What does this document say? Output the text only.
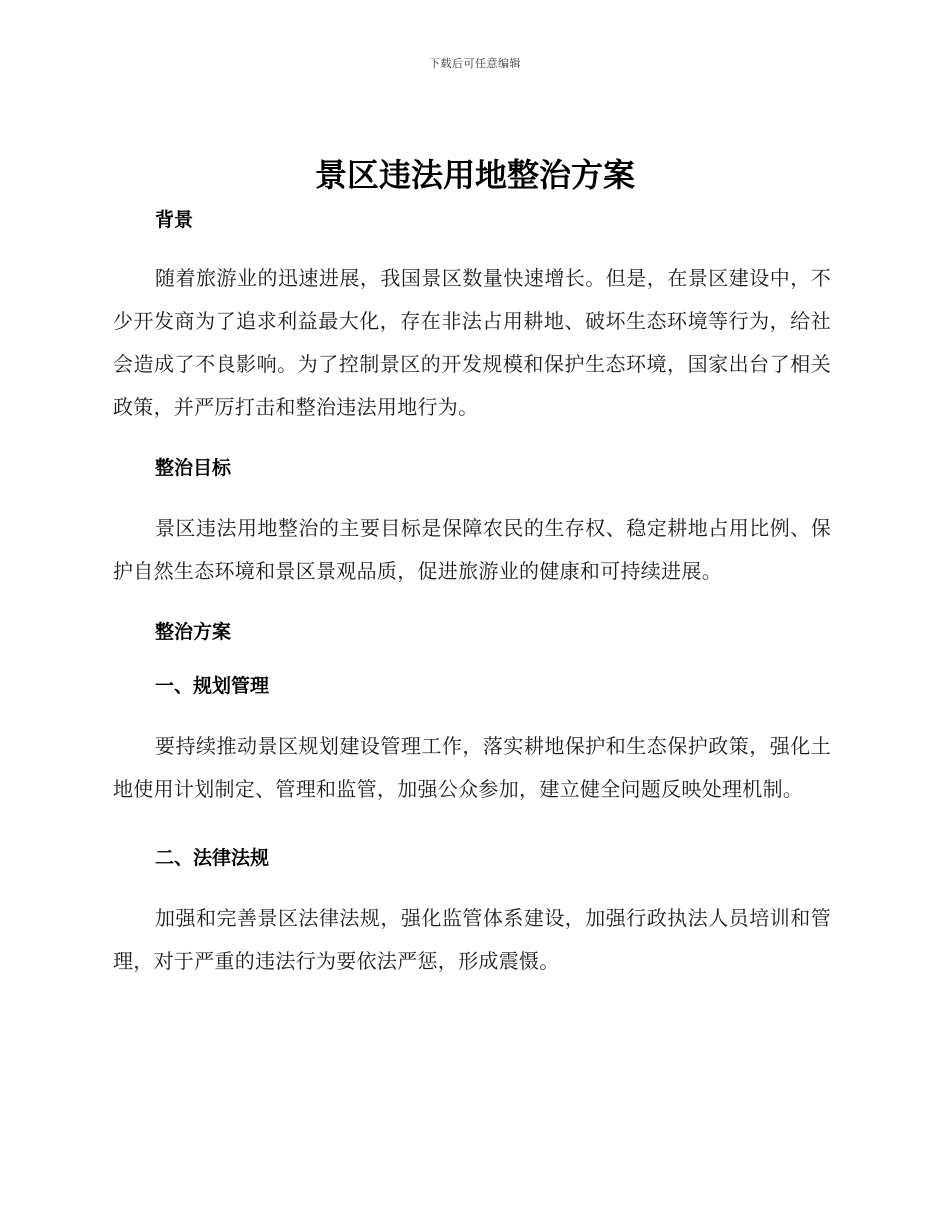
下载后可任意编辑
景区违法用地整治方案
背景

随着旅游业的迅速进展，我国景区数量快速增长。但是，在景区建设中，不少开发商为了追求利益最大化，存在非法占用耕地、破坏生态环境等行为，给社会造成了不良影响。为了控制景区的开发规模和保护生态环境，国家出台了相关政策，并严厉打击和整治违法用地行为。

整治目标

景区违法用地整治的主要目标是保障农民的生存权、稳定耕地占用比例、保护自然生态环境和景区景观品质，促进旅游业的健康和可持续进展。

整治方案
一、规划管理

要持续推动景区规划建设管理工作，落实耕地保护和生态保护政策，强化土地使用计划制定、管理和监管，加强公众参加，建立健全问题反映处理机制。

二、法律法规

加强和完善景区法律法规，强化监管体系建设，加强行政执法人员培训和管理，对于严重的违法行为要依法严惩，形成震慑。
